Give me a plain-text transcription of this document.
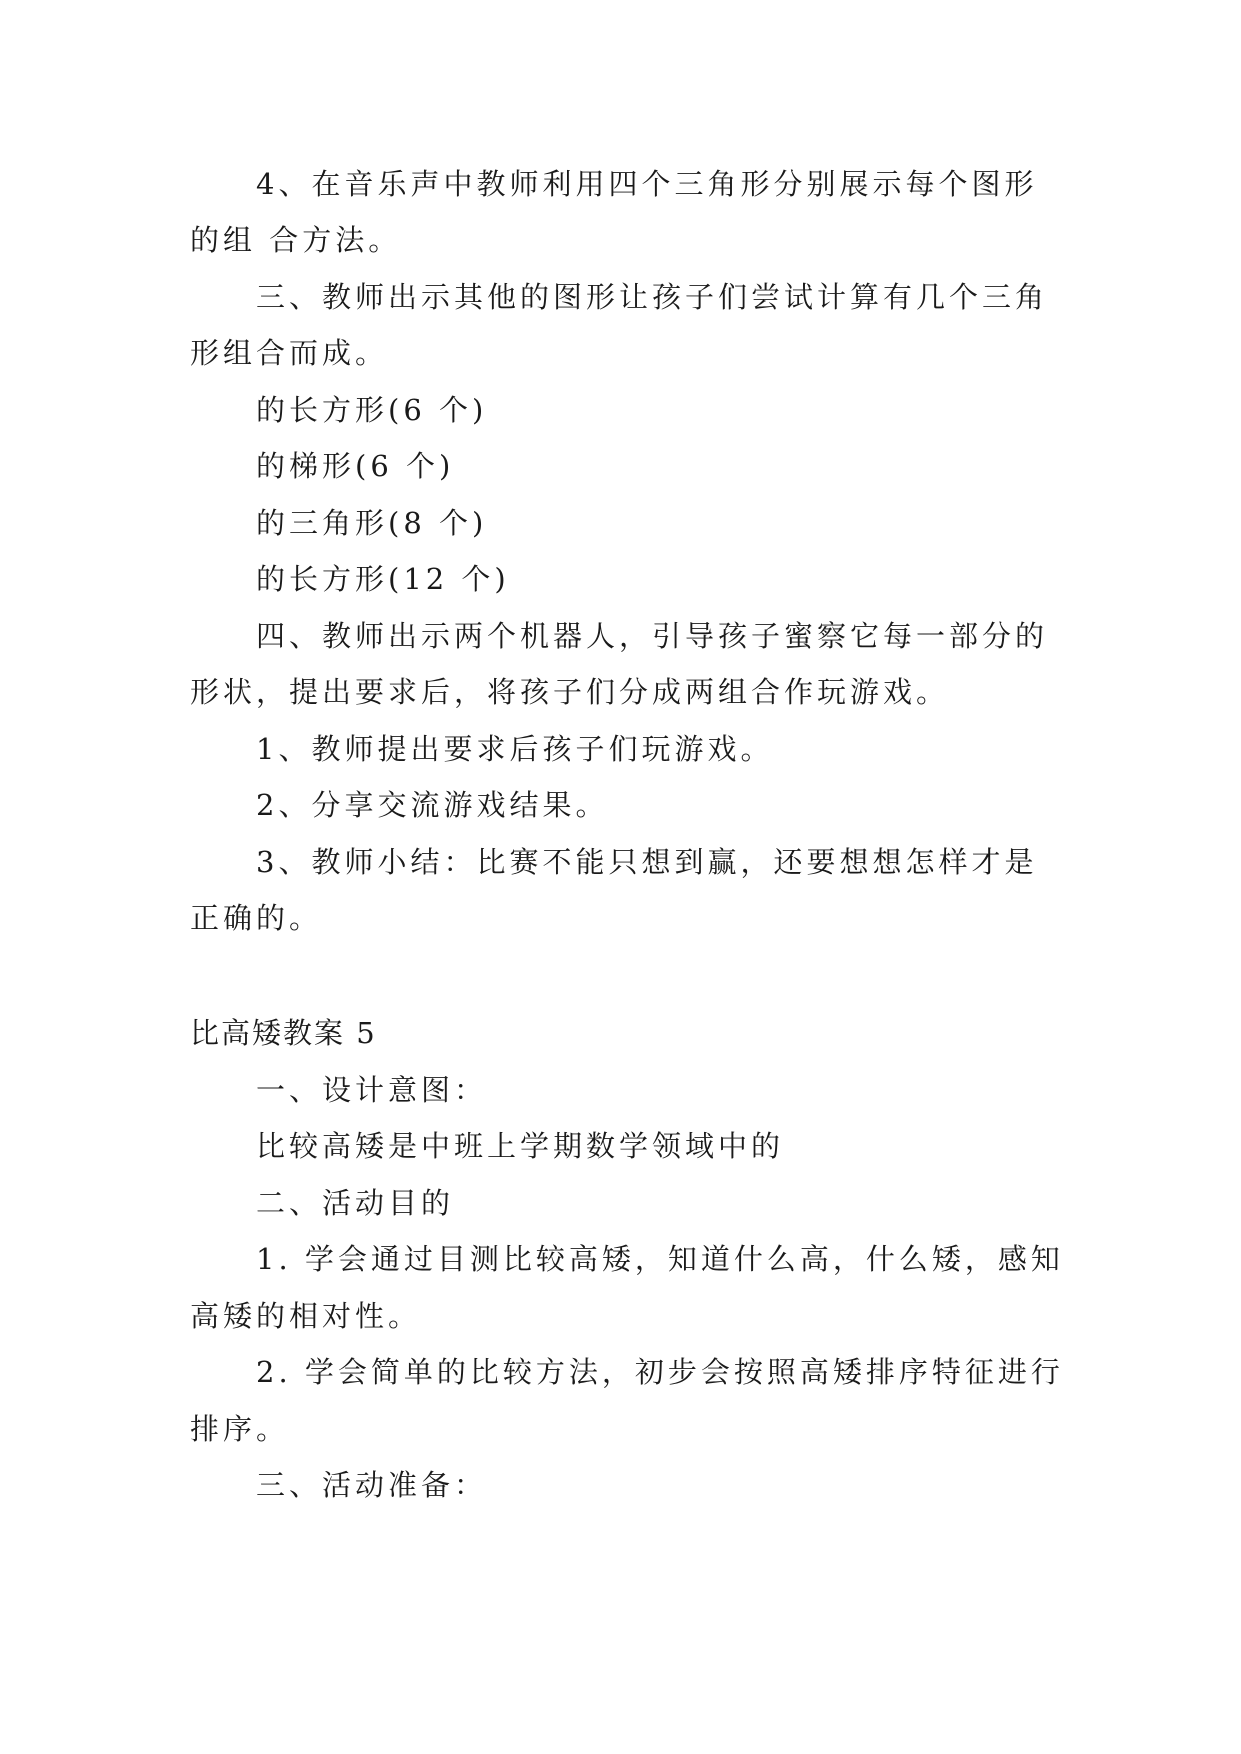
4、在音乐声中教师利用四个三角形分别展示每个图形
的组 合方法。
三、教师出示其他的图形让孩子们尝试计算有几个三角
形组合而成。
的长方形(6 个)
的梯形(6 个)
的三角形(8 个)
的长方形(12 个)
四、教师出示两个机器人，引导孩子蜜察它每一部分的
形状，提出要求后，将孩子们分成两组合作玩游戏。
1、教师提出要求后孩子们玩游戏。
2、分享交流游戏结果。
3、教师小结：比赛不能只想到赢，还要想想怎样才是
正确的。
比高矮教案 5
一、设计意图：
比较高矮是中班上学期数学领域中的
二、活动目的
1. 学会通过目测比较高矮，知道什么高，什么矮，感知
高矮的相对性。
2. 学会简单的比较方法，初步会按照高矮排序特征进行
排序。
三、活动准备：
